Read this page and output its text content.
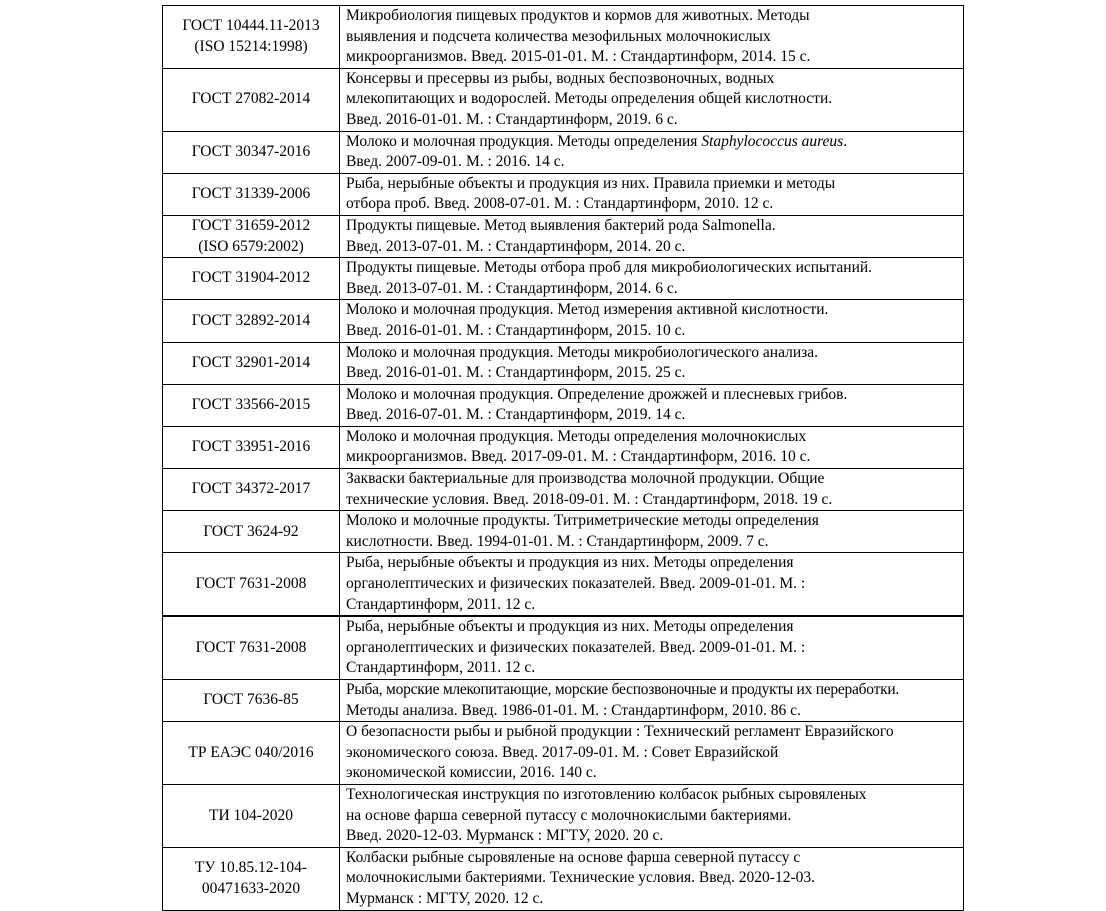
ГОСТ 10444.11-2013
(ISO 15214:1998)	Микробиология пищевых продуктов и кормов для животных. Методы
выявления и подсчета количества мезофильных молочнокислых
микроорганизмов. Введ. 2015-01-01. М. : Стандартинформ, 2014. 15 с.

ГОСТ 27082-2014	Консервы и пресервы из рыбы, водных беспозвоночных, водных
млекопитающих и водорослей. Методы определения общей кислотности.
Введ. 2016-01-01. М. : Стандартинформ, 2019. 6 с.

ГОСТ 30347-2016	Молоко и молочная продукция. Методы определения Staphylococcus aureus.
Введ. 2007-09-01. М. : 2016. 14 с.

ГОСТ 31339-2006	Рыба, нерыбные объекты и продукция из них. Правила приемки и методы
отбора проб. Введ. 2008-07-01. М. : Стандартинформ, 2010. 12 с.

ГОСТ 31659-2012
(ISO 6579:2002)	Продукты пищевые. Метод выявления бактерий рода Salmonella.
Введ. 2013-07-01. М. : Стандартинформ, 2014. 20 с.

ГОСТ 31904-2012	Продукты пищевые. Методы отбора проб для микробиологических испытаний.
Введ. 2013-07-01. М. : Стандартинформ, 2014. 6 с.

ГОСТ 32892-2014	Молоко и молочная продукция. Метод измерения активной кислотности.
Введ. 2016-01-01. М. : Стандартинформ, 2015. 10 с.

ГОСТ 32901-2014	Молоко и молочная продукция. Методы микробиологического анализа.
Введ. 2016-01-01. М. : Стандартинформ, 2015. 25 с.

ГОСТ 33566-2015	Молоко и молочная продукция. Определение дрожжей и плесневых грибов.
Введ. 2016-07-01. М. : Стандартинформ, 2019. 14 с.

ГОСТ 33951-2016	Молоко и молочная продукция. Методы определения молочнокислых
микроорганизмов. Введ. 2017-09-01. М. : Стандартинформ, 2016. 10 с.

ГОСТ 34372-2017	Закваски бактериальные для производства молочной продукции. Общие
технические условия. Введ. 2018-09-01. М. : Стандартинформ, 2018. 19 с.

ГОСТ 3624-92	Молоко и молочные продукты. Титриметрические методы определения
кислотности. Введ. 1994-01-01. М. : Стандартинформ, 2009. 7 с.

ГОСТ 7631-2008	Рыба, нерыбные объекты и продукция из них. Методы определения
органолептических и физических показателей. Введ. 2009-01-01. М. :
Стандартинформ, 2011. 12 с.

ГОСТ 7631-2008	Рыба, нерыбные объекты и продукция из них. Методы определения
органолептических и физических показателей. Введ. 2009-01-01. М. :
Стандартинформ, 2011. 12 с.

ГОСТ 7636-85	Рыба, морские млекопитающие, морские беспозвоночные и продукты их переработки.
Методы анализа. Введ. 1986-01-01. М. : Стандартинформ, 2010. 86 с.

ТР ЕАЭС 040/2016	О безопасности рыбы и рыбной продукции : Технический регламент Евразийского
экономического союза. Введ. 2017-09-01. М. : Совет Евразийской
экономической комиссии, 2016. 140 с.

ТИ 104-2020	Технологическая инструкция по изготовлению колбасок рыбных сыровяленых
на основе фарша северной путассу с молочнокислыми бактериями.
Введ. 2020-12-03. Мурманск : МГТУ, 2020. 20 с.

ТУ 10.85.12-104-
00471633-2020	Колбаски рыбные сыровяленые на основе фарша северной путассу с
молочнокислыми бактериями. Технические условия. Введ. 2020-12-03.
Мурманск : МГТУ, 2020. 12 с.
